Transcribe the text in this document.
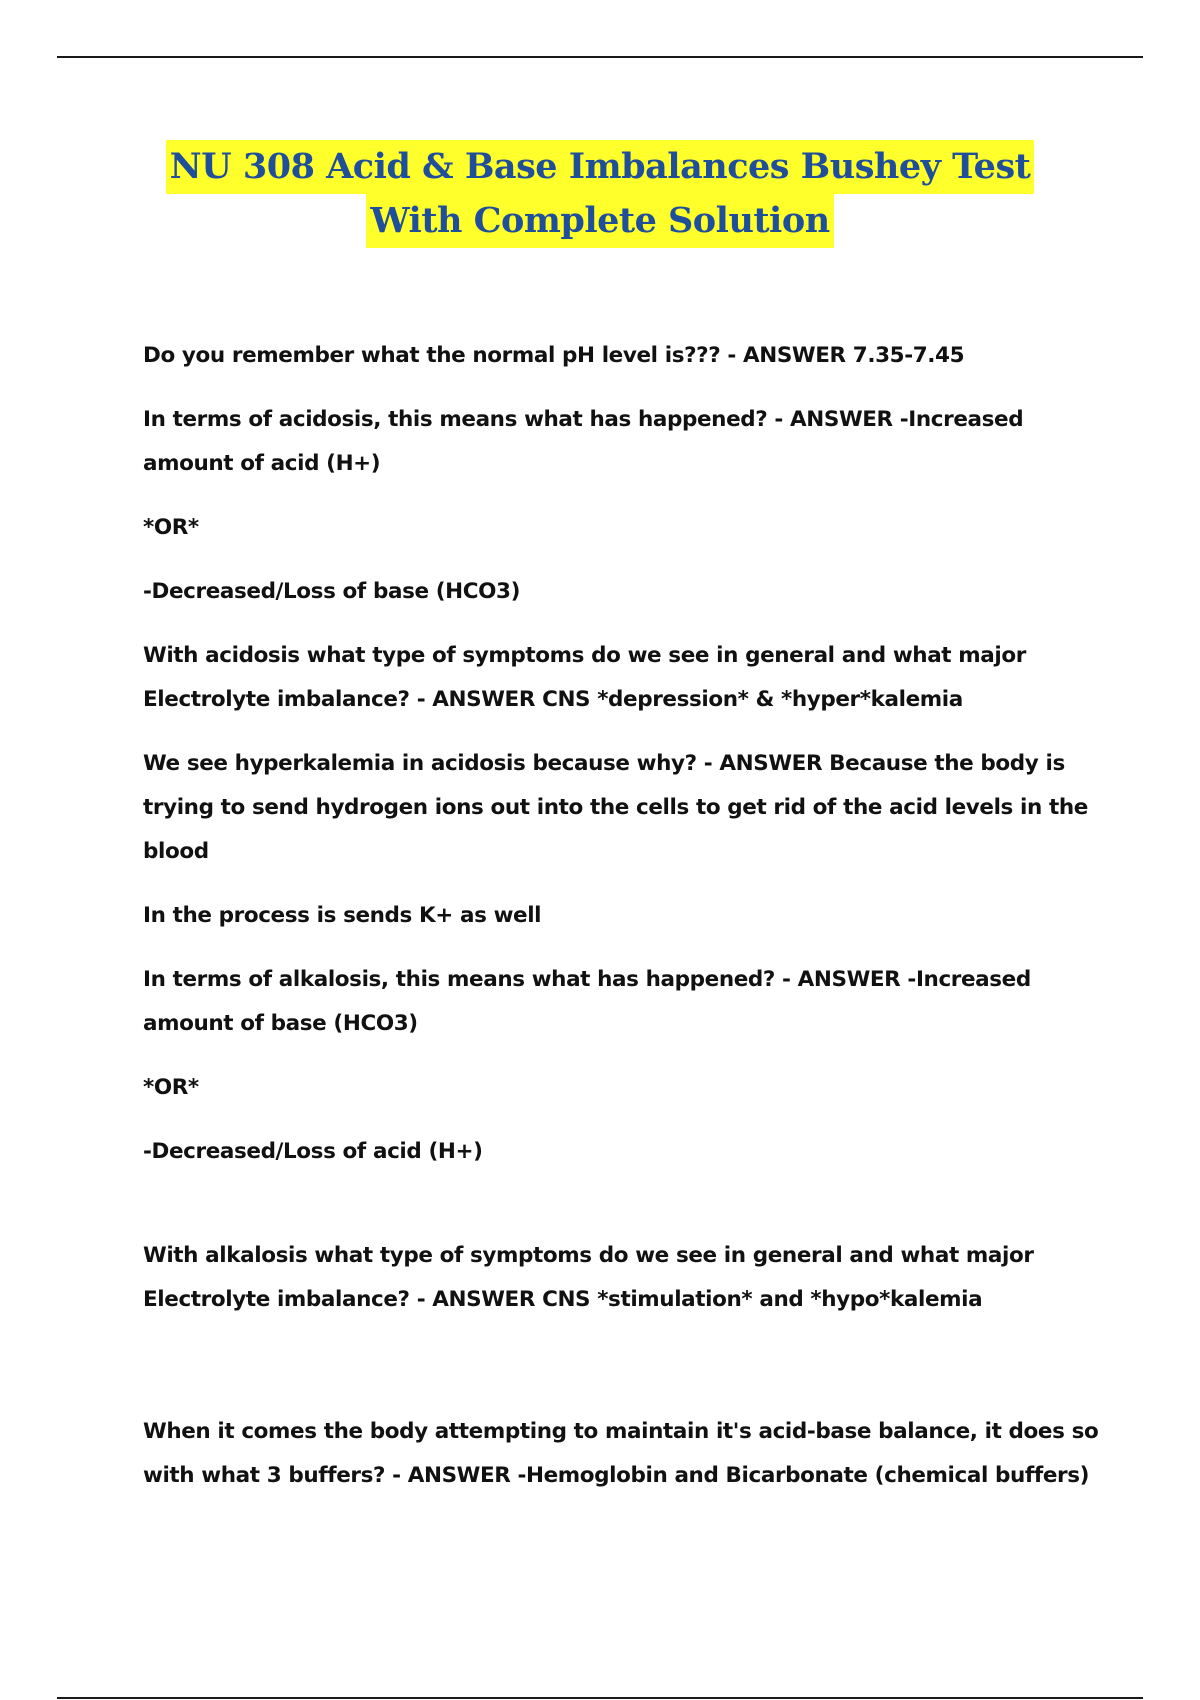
NU 308 Acid & Base Imbalances Bushey Test
With Complete Solution

Do you remember what the normal pH level is??? - ANSWER 7.35-7.45

In terms of acidosis, this means what has happened? - ANSWER -Increased amount of acid (H+)

*OR*

-Decreased/Loss of base (HCO3)

With acidosis what type of symptoms do we see in general and what major Electrolyte imbalance? - ANSWER CNS *depression* & *hyper*kalemia

We see hyperkalemia in acidosis because why? - ANSWER Because the body is trying to send hydrogen ions out into the cells to get rid of the acid levels in the blood

In the process is sends K+ as well

In terms of alkalosis, this means what has happened? - ANSWER -Increased amount of base (HCO3)

*OR*

-Decreased/Loss of acid (H+)

With alkalosis what type of symptoms do we see in general and what major Electrolyte imbalance? - ANSWER CNS *stimulation* and *hypo*kalemia

When it comes the body attempting to maintain it's acid-base balance, it does so with what 3 buffers? - ANSWER -Hemoglobin and Bicarbonate (chemical buffers)
